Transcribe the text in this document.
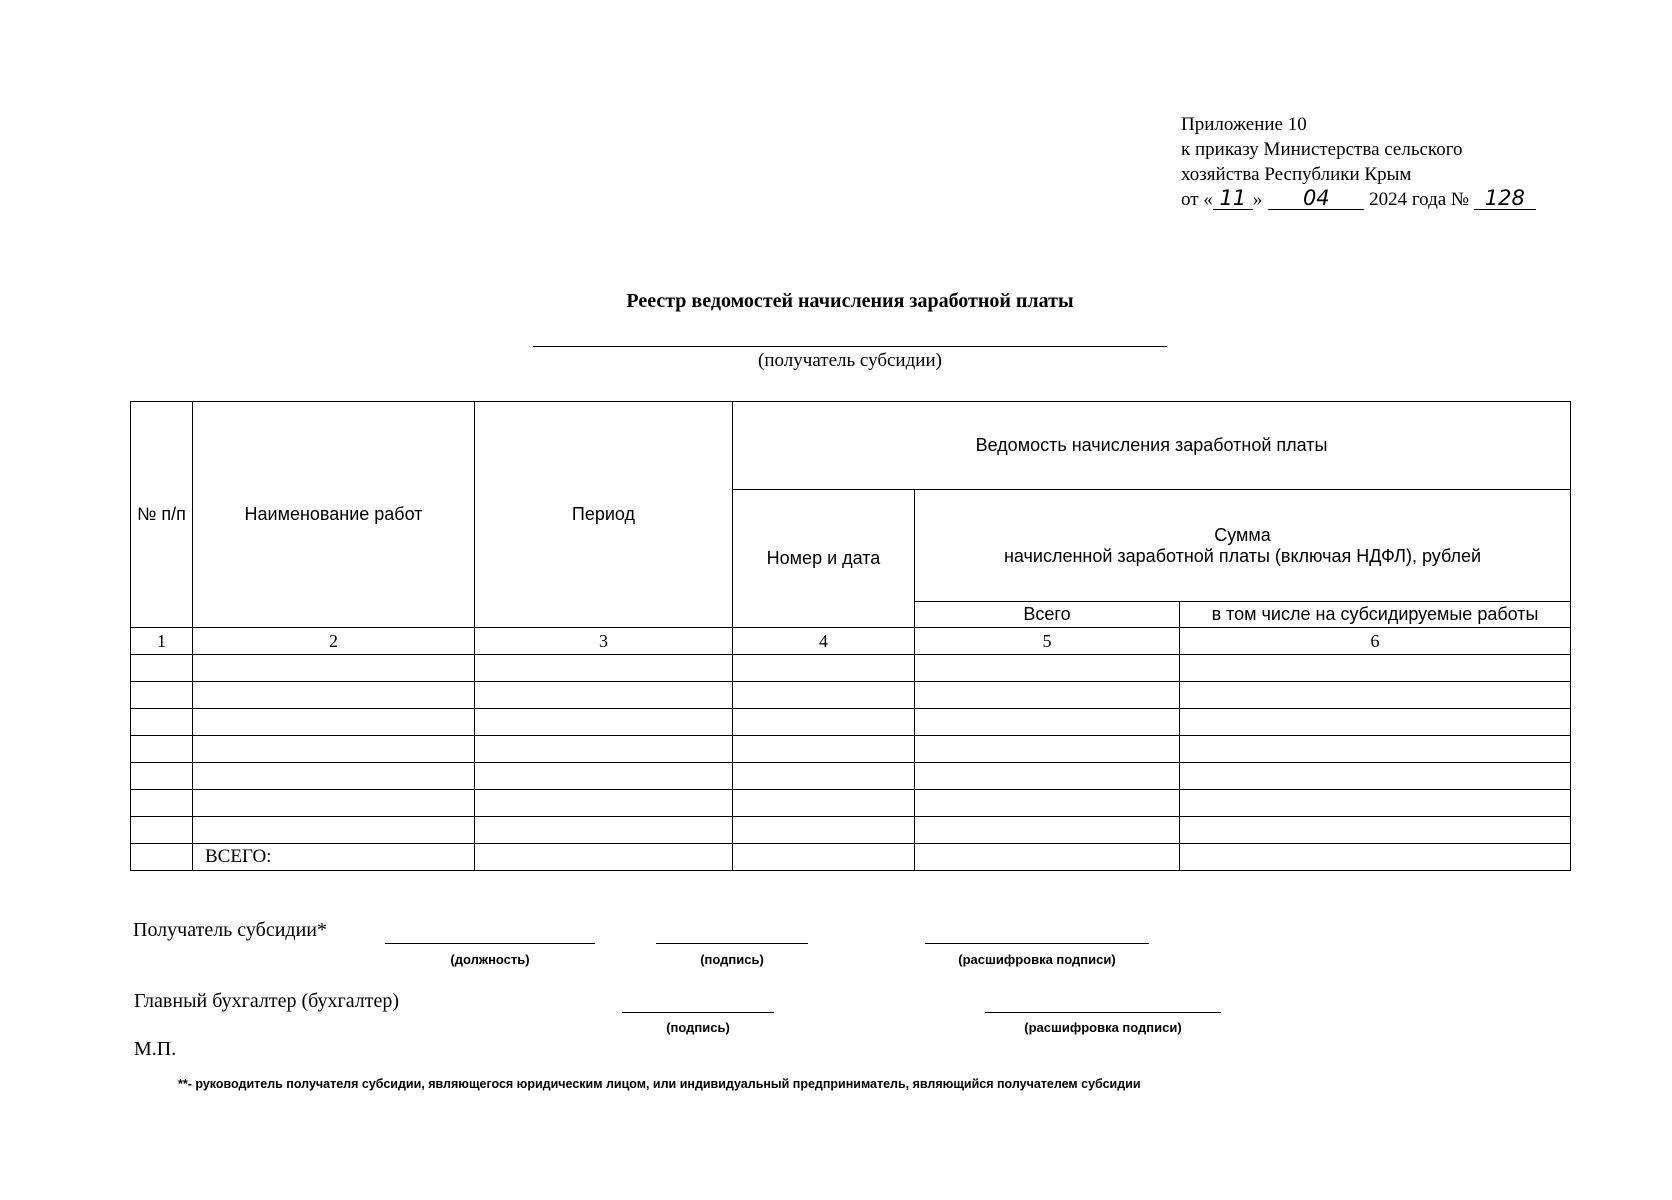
Приложение 10
к приказу Министерства сельского
хозяйства Республики Крым
от « 11 » 04 2024 года № 128
Реестр ведомостей начисления заработной платы
(получатель субсидии)
№ п/п	Наименование работ	Период	Ведомость начисления заработной платы		
			Номер и дата	Сумма
начисленной заработной платы (включая НДФЛ), рублей	

				Всего	в том числе на субсидируемые работы
1	2	3	4	5	6

	ВСЕГО:				
Получатель субсидии*
(должность)	(подпись)	(расшифровка подписи)
Главный бухгалтер (бухгалтер)
(подпись)	(расшифровка подписи)
М.П.
**- руководитель получателя субсидии, являющегося юридическим лицом, или индивидуальный предприниматель, являющийся получателем субсидии
